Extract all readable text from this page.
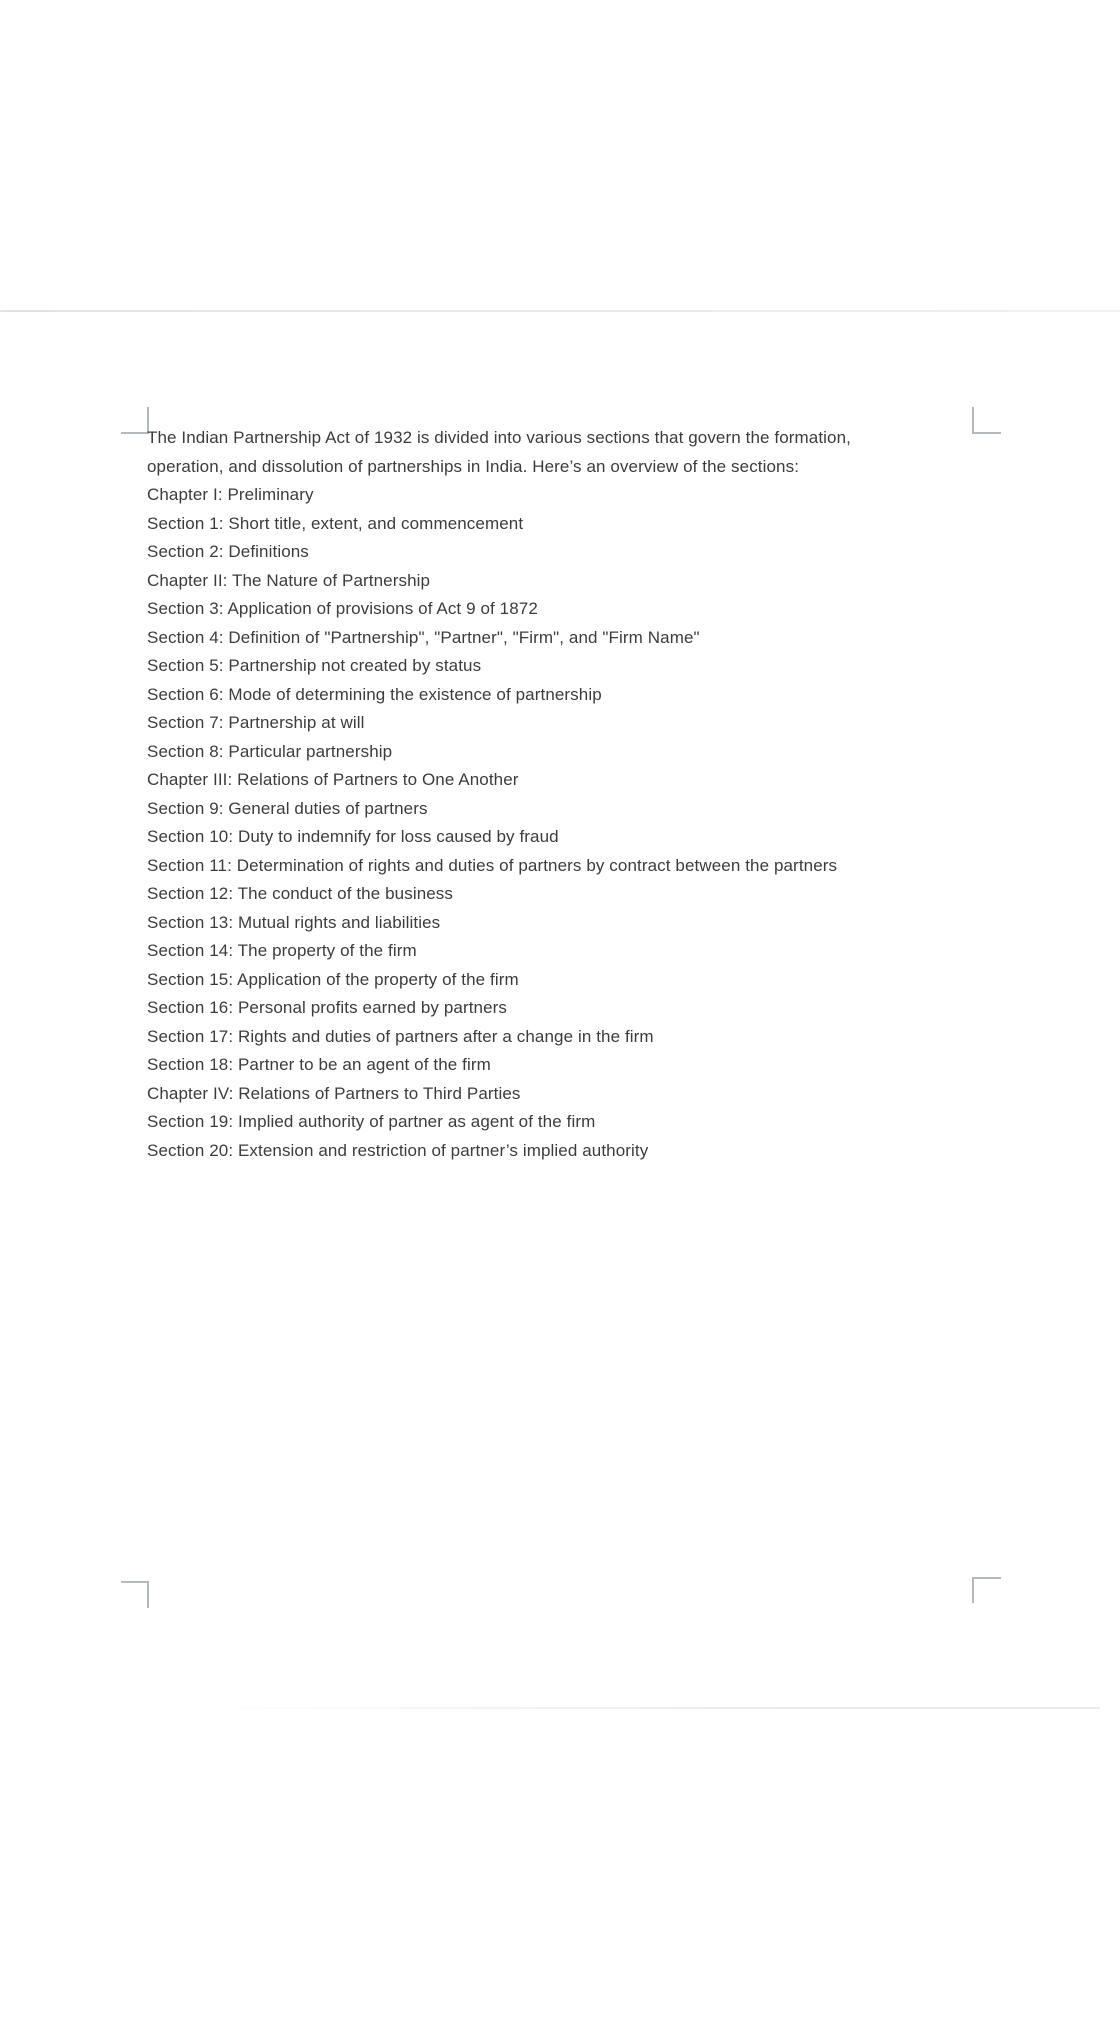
The Indian Partnership Act of 1932 is divided into various sections that govern the formation,
operation, and dissolution of partnerships in India. Here’s an overview of the sections:

Chapter I: Preliminary

Section 1: Short title, extent, and commencement

Section 2: Definitions

Chapter II: The Nature of Partnership

Section 3: Application of provisions of Act 9 of 1872

Section 4: Definition of "Partnership", "Partner", "Firm", and "Firm Name"

Section 5: Partnership not created by status

Section 6: Mode of determining the existence of partnership

Section 7: Partnership at will

Section 8: Particular partnership

Chapter III: Relations of Partners to One Another

Section 9: General duties of partners

Section 10: Duty to indemnify for loss caused by fraud

Section 11: Determination of rights and duties of partners by contract between the partners

Section 12: The conduct of the business

Section 13: Mutual rights and liabilities

Section 14: The property of the firm

Section 15: Application of the property of the firm

Section 16: Personal profits earned by partners

Section 17: Rights and duties of partners after a change in the firm

Section 18: Partner to be an agent of the firm

Chapter IV: Relations of Partners to Third Parties

Section 19: Implied authority of partner as agent of the firm

Section 20: Extension and restriction of partner’s implied authority
